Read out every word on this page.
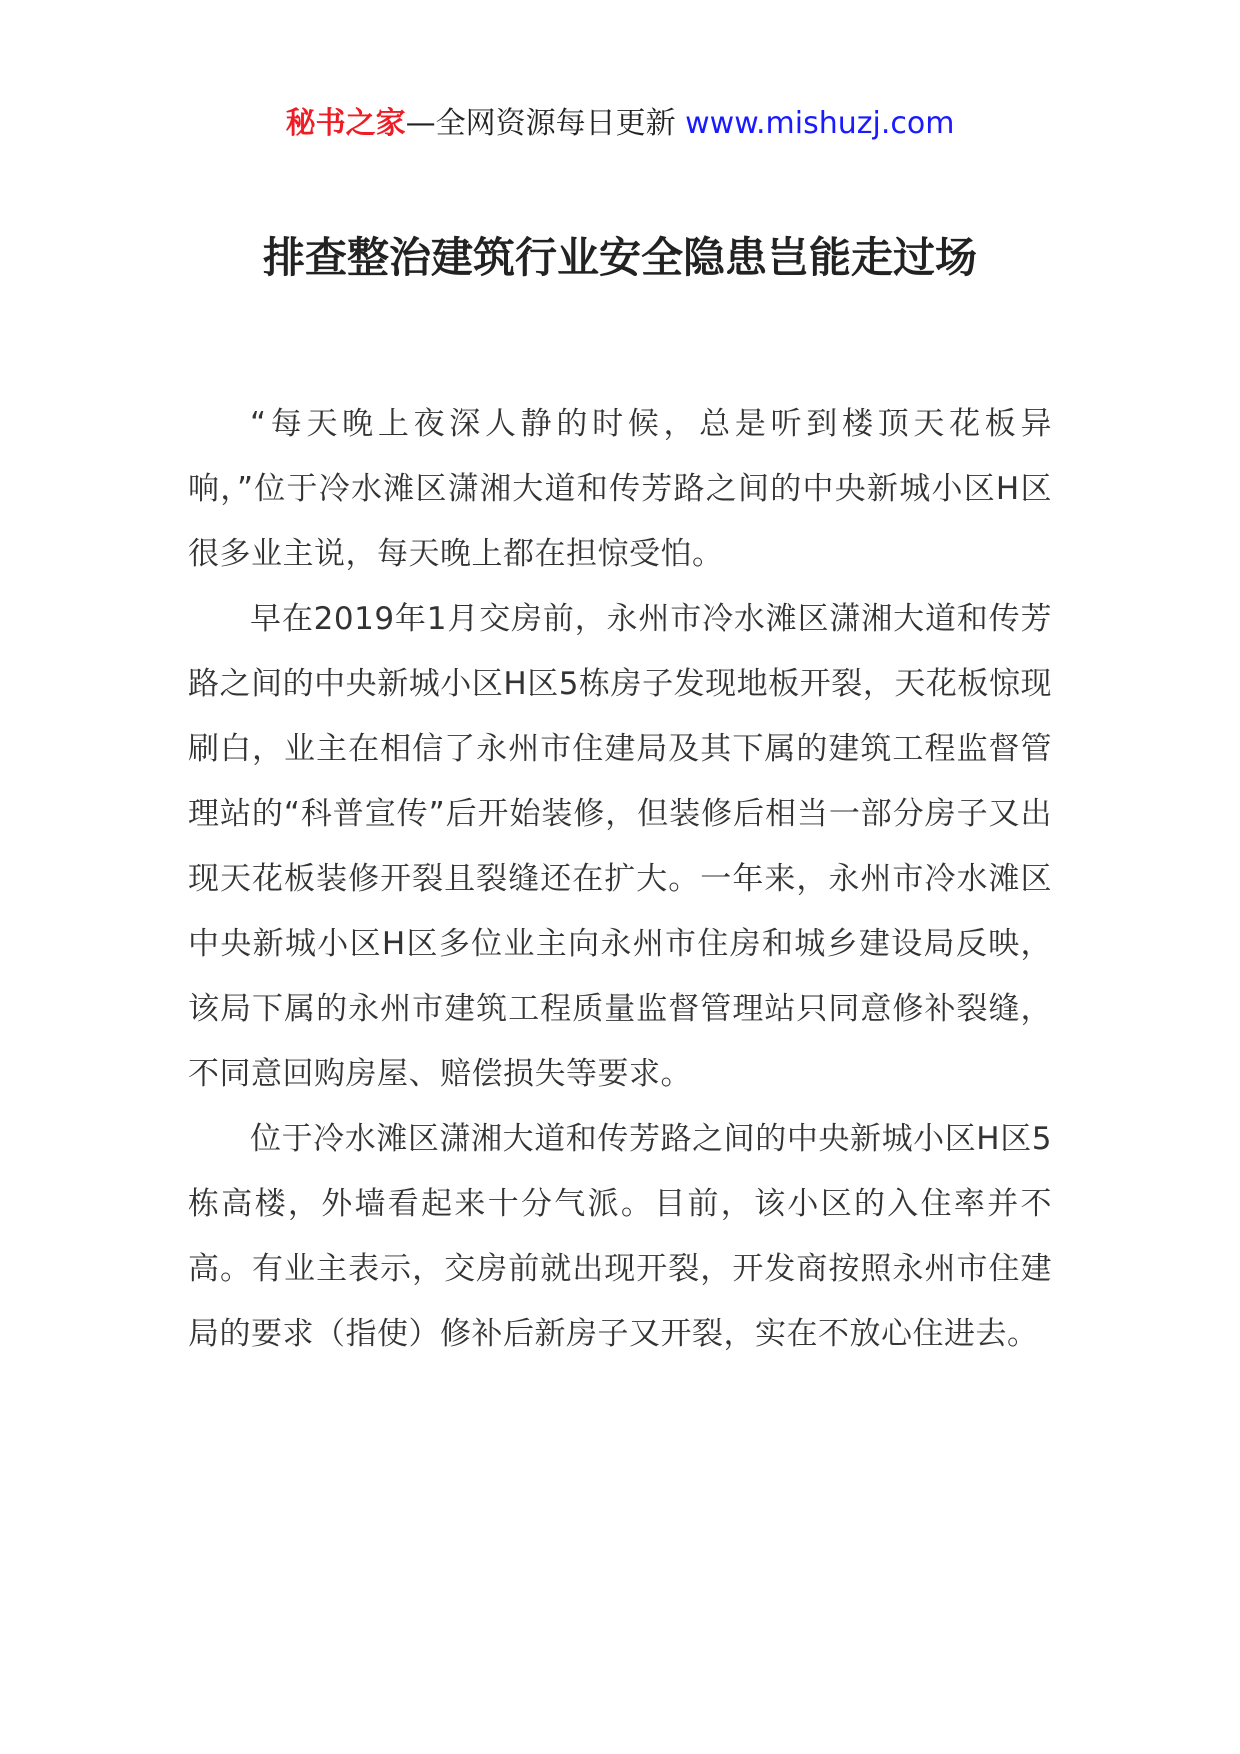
秘书之家—全网资源每日更新 www.mishuzj.com
排查整治建筑行业安全隐患岂能走过场

“每天晚上夜深人静的时候，总是听到楼顶天花板异响，”位于冷水滩区潇湘大道和传芳路之间的中央新城小区H区很多业主说，每天晚上都在担惊受怕。

早在2019年1月交房前，永州市冷水滩区潇湘大道和传芳路之间的中央新城小区H区5栋房子发现地板开裂，天花板惊现刷白，业主在相信了永州市住建局及其下属的建筑工程监督管理站的“科普宣传”后开始装修，但装修后相当一部分房子又出现天花板装修开裂且裂缝还在扩大。一年来，永州市冷水滩区中央新城小区H区多位业主向永州市住房和城乡建设局反映，该局下属的永州市建筑工程质量监督管理站只同意修补裂缝，不同意回购房屋、赔偿损失等要求。

位于冷水滩区潇湘大道和传芳路之间的中央新城小区H区5栋高楼，外墙看起来十分气派。目前，该小区的入住率并不高。有业主表示，交房前就出现开裂，开发商按照永州市住建局的要求（指使）修补后新房子又开裂，实在不放心住进去。
